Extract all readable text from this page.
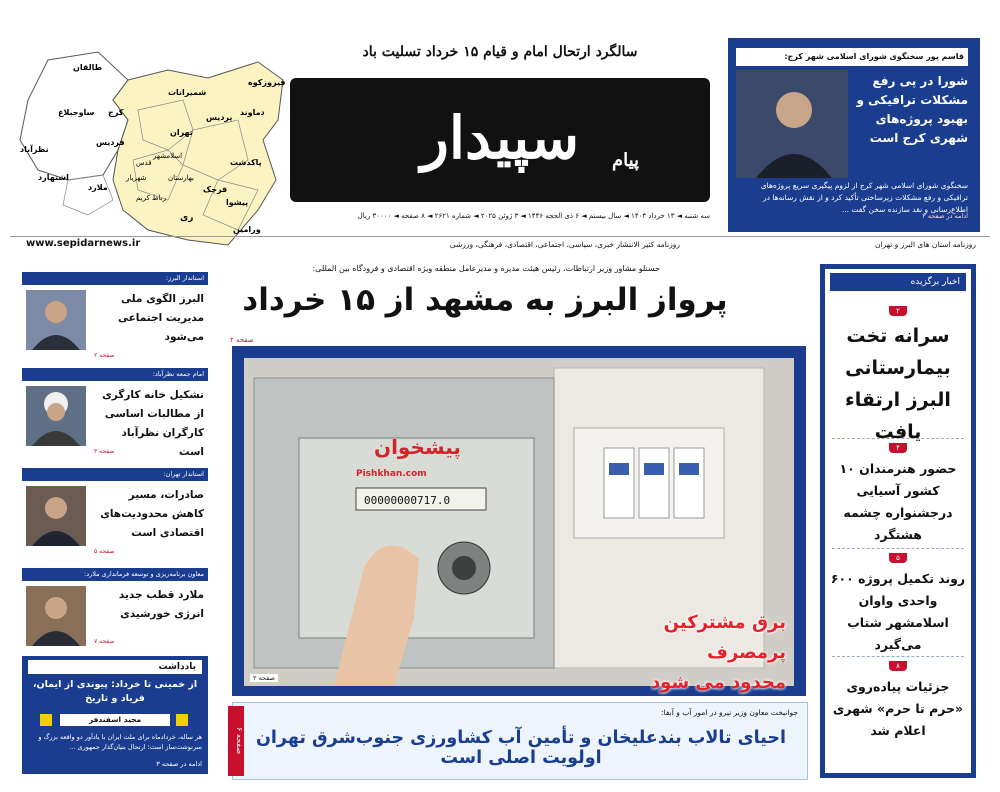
طالقان
ساوجبلاغ
نظرآباد
کرج
اشتهارد
فردیس
ملارد
شمیرانات
تهران
پردیس
دماوند
فیروزکوه
قدس
اسلامشهر
شهریار	بهارستان
رباط کریم
ری
قرچک
پاکدشت
پیشوا
ورامین
سالگرد ارتحال امام و قیام ۱۵ خرداد تسلیت باد
سپیدار	پیام
سه شنبه ◄ ۱۳ خرداد ۱۴۰۴ ◄ سال بیستم ◄ ۶ ذی الحجه ۱۴۴۶ ◄ ۳ ژوئن ۲۰۲۵ ◄ شماره ۲۶۲۱ ◄ ۸ صفحه ◄ ۳۰۰۰۰ ریال
قاسم پور سخنگوی شورای اسلامی شهر کرج:
شورا در پی رفع مشکلات ترافیکی و بهبود پروژه‌های شهری کرج است
سخنگوی شورای اسلامی شهر کرج از لزوم پیگیری سریع پروژه‌های ترافیکی و رفع مشکلات زیرساختی تأکید کرد و از نقش رسانه‌ها در اطلاع‌رسانی و نقد سازنده سخن گفت ...
ادامه در صفحه ۳
www.sepidarnews.ir	روزنامه کثیر الانتشار خبری، سیاسی، اجتماعی، اقتصادی، فرهنگی، ورزشی	روزنامه استان های البرز و تهران
حسنلو مشاور وزیر ارتباطات، رئیس هیئت مدیره و مدیرعامل منطقه ویژه اقتصادی و فرودگاه بین المللی:
پرواز البرز به مشهد از ۱۵ خرداد
صفحه ۲
00000000717.0
پیشخوان
Pishkhan.com
برق مشترکین پرمصرف
محدود می شود
صفحه ۲
صفحه ۶
جوانبخت معاون وزیر نیرو در امور آب و آبفا:
احیای تالاب بندعلیخان و تأمین آب کشاورزی جنوب‌شرق تهران اولویت اصلی است
اخبار برگزیده
۲
سرانه تخت بیمارستانی البرز ارتقاء یافت
۴
حضور هنرمندان ۱۰ کشور آسیایی درجشنواره چشمه هشتگرد
۵
روند تکمیل پروژه ۶۰۰ واحدی واوان اسلامشهر شتاب می‌گیرد
۸
جزئیات پیاده‌روی «حرم تا حرم» شهری اعلام شد
استاندار البرز:
البرز الگوی ملی مدیریت اجتماعی می‌شود
صفحه ۲
امام جمعه نظرآباد:
تشکیل خانه کارگری از مطالبات اساسی کارگران نظرآباد است
صفحه ۳
استاندار تهران:
صادرات، مسیر کاهش محدودیت‌های اقتصادی است
صفحه ۵
معاون برنامه‌ریزی و توسعه فرمانداری ملارد:
ملارد قطب جدید انرژی خورشیدی
صفحه ۷
یادداشت
از خمینی تا خرداد: پیوندی از ایمان، فریاد و تاریخ
مجید اسفندفر
هر ساله، خردادماه برای ملت ایران با یادآور دو واقعه بزرگ و سرنوشت‌ساز است؛ ارتحال بنیان‌گذار جمهوری ...
ادامه در صفحه ۳
